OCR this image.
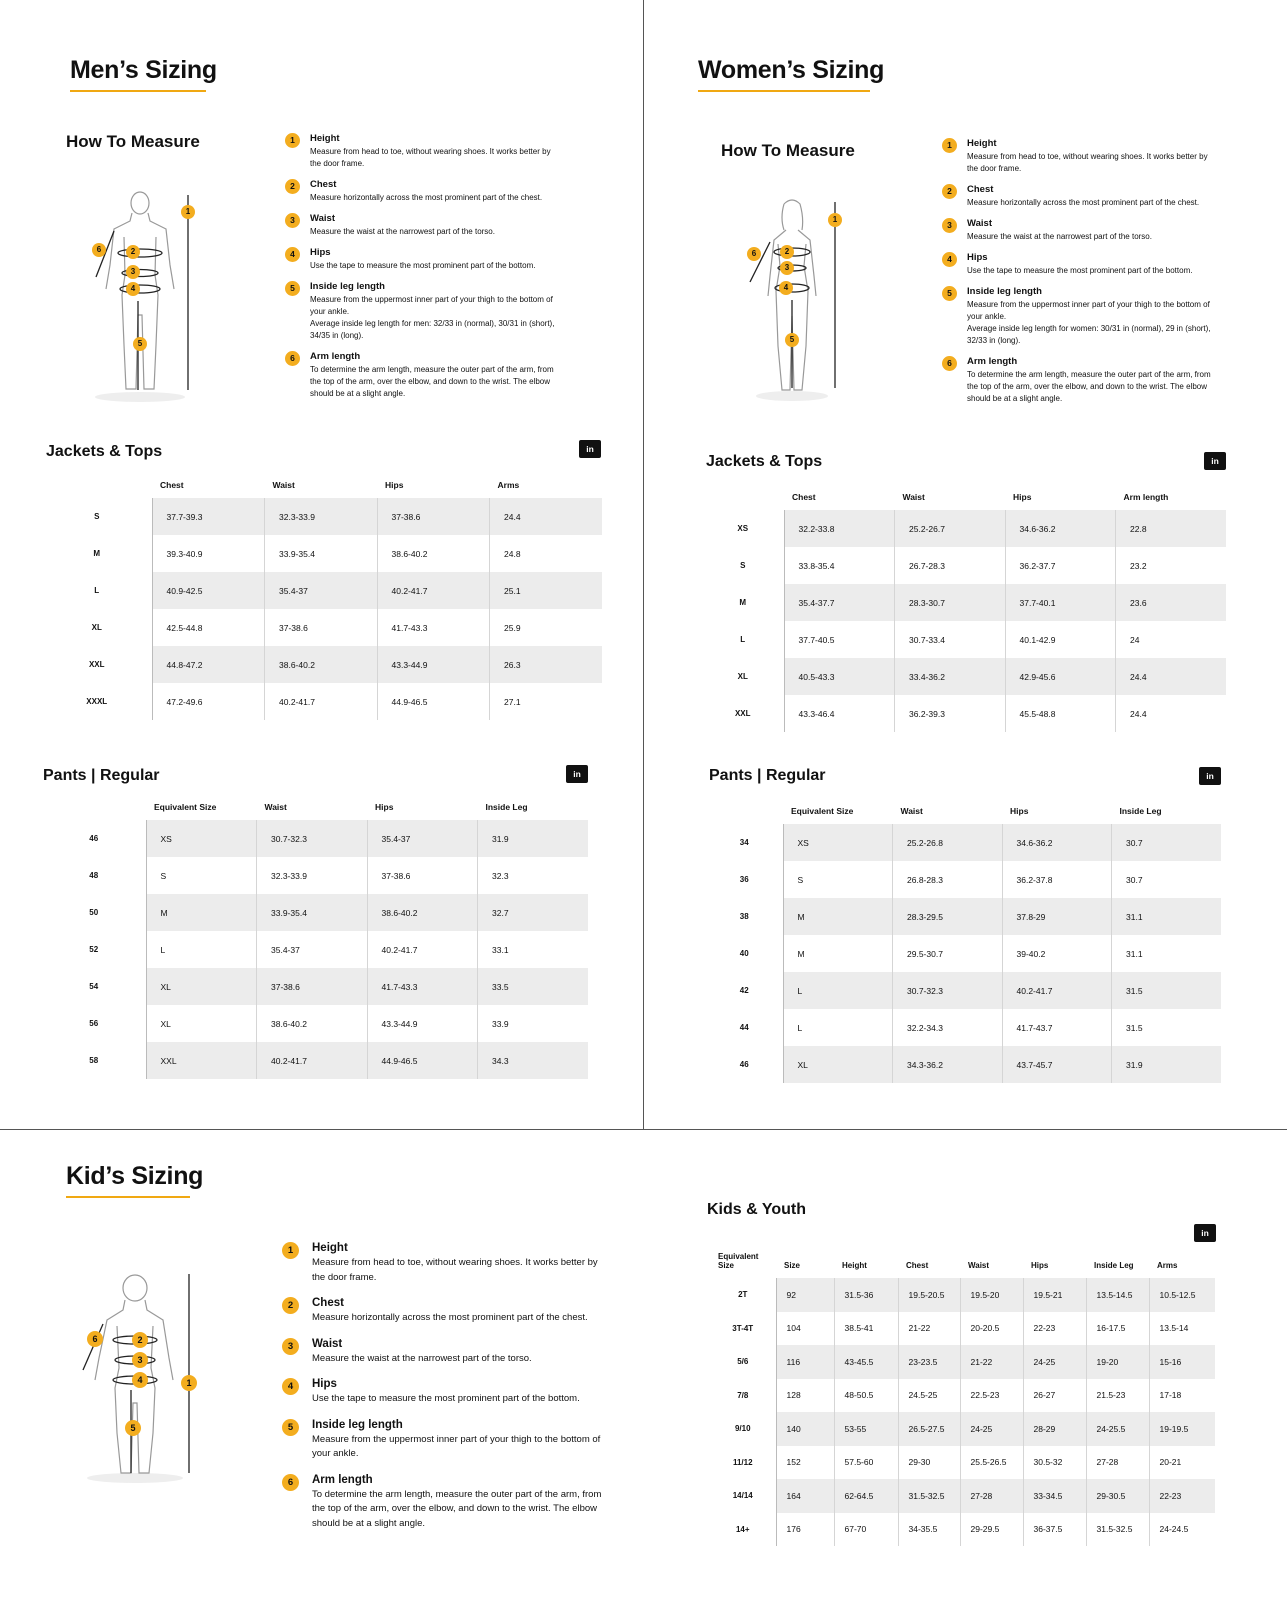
Men’s Sizing
How To Measure
2
3
4
5
6
1
1	Height
Measure from head to toe, without wearing shoes. It works better by the door frame.
2	Chest
Measure horizontally across the most prominent part of the chest.
3	Waist
Measure the waist at the narrowest part of the torso.
4	Hips
Use the tape to measure the most prominent part of the bottom.
5	Inside leg length
Measure from the uppermost inner part of your thigh to the bottom of your ankle.
Average inside leg length for men: 32/33 in (normal), 30/31 in (short), 34/35 in (long).
6	Arm length
To determine the arm length, measure the outer part of the arm, from the top of the arm, over the elbow, and down to the wrist. The elbow should be at a slight angle.
Jackets & Tops	in
	Chest	Waist	Hips	Arms
S	37.7-39.3	32.3-33.9	37-38.6	24.4
M	39.3-40.9	33.9-35.4	38.6-40.2	24.8
L	40.9-42.5	35.4-37	40.2-41.7	25.1
XL	42.5-44.8	37-38.6	41.7-43.3	25.9
XXL	44.8-47.2	38.6-40.2	43.3-44.9	26.3
XXXL	47.2-49.6	40.2-41.7	44.9-46.5	27.1
Pants | Regular	in
	Equivalent Size	Waist	Hips	Inside Leg
46	XS	30.7-32.3	35.4-37	31.9
48	S	32.3-33.9	37-38.6	32.3
50	M	33.9-35.4	38.6-40.2	32.7
52	L	35.4-37	40.2-41.7	33.1
54	XL	37-38.6	41.7-43.3	33.5
56	XL	38.6-40.2	43.3-44.9	33.9
58	XXL	40.2-41.7	44.9-46.5	34.3
Women’s Sizing
How To Measure
2
3
4
5
6
1
1	Height
Measure from head to toe, without wearing shoes. It works better by the door frame.
2	Chest
Measure horizontally across the most prominent part of the chest.
3	Waist
Measure the waist at the narrowest part of the torso.
4	Hips
Use the tape to measure the most prominent part of the bottom.
5	Inside leg length
Measure from the uppermost inner part of your thigh to the bottom of your ankle.
Average inside leg length for women: 30/31 in (normal), 29 in (short), 32/33 in (long).
6	Arm length
To determine the arm length, measure the outer part of the arm, from the top of the arm, over the elbow, and down to the wrist. The elbow should be at a slight angle.
Jackets & Tops	in
	Chest	Waist	Hips	Arm length
XS	32.2-33.8	25.2-26.7	34.6-36.2	22.8
S	33.8-35.4	26.7-28.3	36.2-37.7	23.2
M	35.4-37.7	28.3-30.7	37.7-40.1	23.6
L	37.7-40.5	30.7-33.4	40.1-42.9	24
XL	40.5-43.3	33.4-36.2	42.9-45.6	24.4
XXL	43.3-46.4	36.2-39.3	45.5-48.8	24.4
Pants | Regular	in
	Equivalent Size	Waist	Hips	Inside Leg
34	XS	25.2-26.8	34.6-36.2	30.7
36	S	26.8-28.3	36.2-37.8	30.7
38	M	28.3-29.5	37.8-29	31.1
40	M	29.5-30.7	39-40.2	31.1
42	L	30.7-32.3	40.2-41.7	31.5
44	L	32.2-34.3	41.7-43.7	31.5
46	XL	34.3-36.2	43.7-45.7	31.9
Kid’s Sizing
2
3
4
5
6
1
1	Height
Measure from head to toe, without wearing shoes. It works better by the door frame.
2	Chest
Measure horizontally across the most prominent part of the chest.
3	Waist
Measure the waist at the narrowest part of the torso.
4	Hips
Use the tape to measure the most prominent part of the bottom.
5	Inside leg length
Measure from the uppermost inner part of your thigh to the bottom of your ankle.
6	Arm length
To determine the arm length, measure the outer part of the arm, from the top of the arm, over the elbow, and down to the wrist. The elbow should be at a slight angle.
Kids & Youth
in
Equivalent Size	Size	Height	Chest	Waist	Hips	Inside Leg	Arms
2T	92	31.5-36	19.5-20.5	19.5-20	19.5-21	13.5-14.5	10.5-12.5
3T-4T	104	38.5-41	21-22	20-20.5	22-23	16-17.5	13.5-14
5/6	116	43-45.5	23-23.5	21-22	24-25	19-20	15-16
7/8	128	48-50.5	24.5-25	22.5-23	26-27	21.5-23	17-18
9/10	140	53-55	26.5-27.5	24-25	28-29	24-25.5	19-19.5
11/12	152	57.5-60	29-30	25.5-26.5	30.5-32	27-28	20-21
14/14	164	62-64.5	31.5-32.5	27-28	33-34.5	29-30.5	22-23
14+	176	67-70	34-35.5	29-29.5	36-37.5	31.5-32.5	24-24.5
